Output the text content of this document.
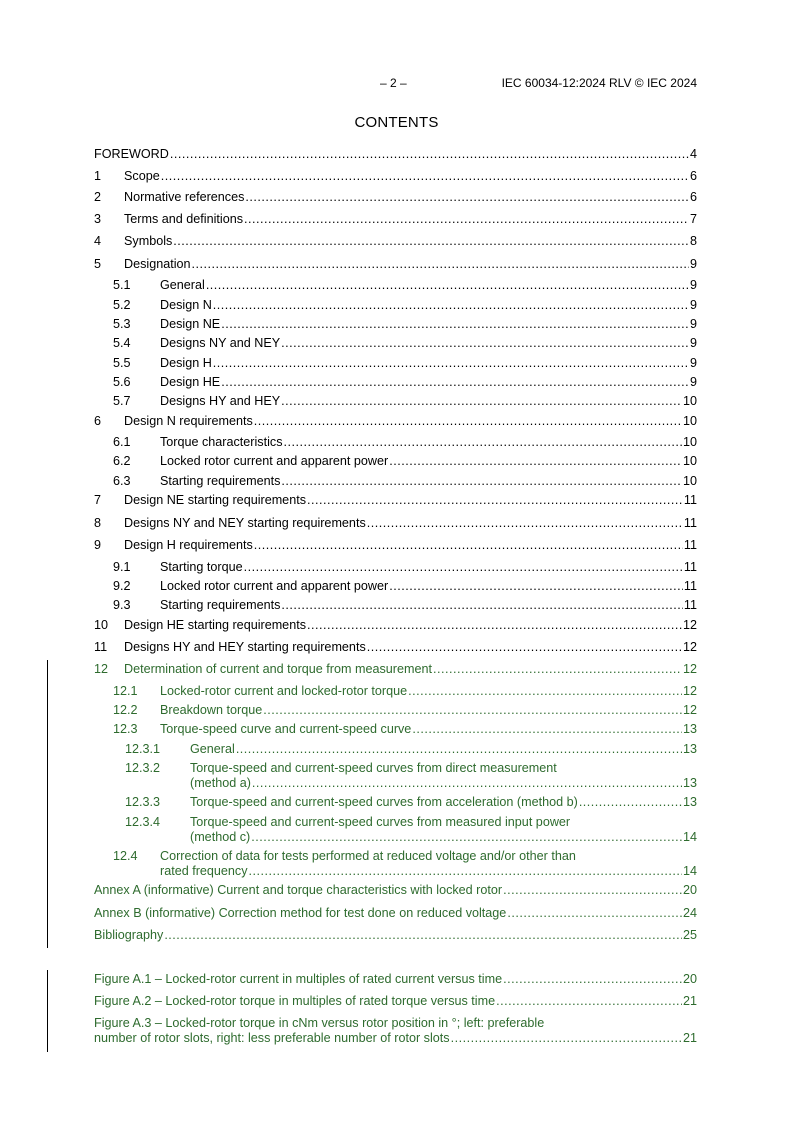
– 2 –	IEC 60034-12:2024 RLV © IEC 2024
CONTENTS
FOREWORD .....	4
1 Scope .....	6
2 Normative references .....	6
3 Terms and definitions .....	7
4 Symbols .....	8
5 Designation .....	9
5.1 General .....	9
5.2 Design N .....	9
5.3 Design NE .....	9
5.4 Designs NY and NEY .....	9
5.5 Design H .....	9
5.6 Design HE .....	9
5.7 Designs HY and HEY .....	10
6 Design N requirements .....	10
6.1 Torque characteristics .....	10
6.2 Locked rotor current and apparent power .....	10
6.3 Starting requirements .....	10
7 Design NE starting requirements .....	11
8 Designs NY and NEY starting requirements .....	11
9 Design H requirements .....	11
9.1 Starting torque .....	11
9.2 Locked rotor current and apparent power .....	11
9.3 Starting requirements .....	11
10 Design HE starting requirements .....	12
11 Designs HY and HEY starting requirements .....	12
12 Determination of current and torque from measurement .....	12
12.1 Locked-rotor current and locked-rotor torque .....	12
12.2 Breakdown torque .....	12
12.3 Torque-speed curve and current-speed curve .....	13
12.3.1 General .....	13
12.3.2 Torque-speed and current-speed curves from direct measurement
(method a) .....	13
12.3.3 Torque-speed and current-speed curves from acceleration (method b) .....	13
12.3.4 Torque-speed and current-speed curves from measured input power
(method c) .....	14
12.4 Correction of data for tests performed at reduced voltage and/or other than
rated frequency .....	14
Annex A (informative) Current and torque characteristics with locked rotor .....	20
Annex B (informative) Correction method for test done on reduced voltage .....	24
Bibliography .....	25
Figure A.1 – Locked-rotor current in multiples of rated current versus time .....	20
Figure A.2 – Locked-rotor torque in multiples of rated torque versus time .....	21
Figure A.3 – Locked-rotor torque in cNm versus rotor position in °; left: preferable
number of rotor slots, right: less preferable number of rotor slots .....	21
